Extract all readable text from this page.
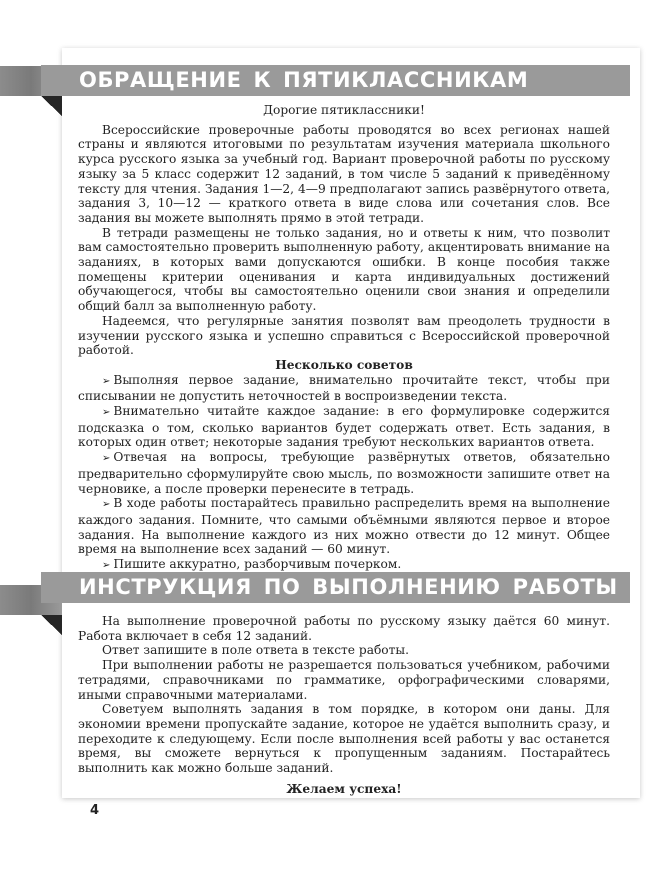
ОБРАЩЕНИЕ К ПЯТИКЛАССНИКАМ

Дорогие пятиклассники!

Всероссийские проверочные работы проводятся во всех регионах нашей страны и являются итоговыми по результатам изучения материала школьного курса русского языка за учебный год. Вариант проверочной работы по русскому языку за 5 класс содержит 12 заданий, в том числе 5 заданий к приведённому тексту для чтения. Задания 1—2, 4—9 предполагают запись развёрнутого ответа, задания 3, 10—12 — краткого ответа в виде слова или сочетания слов. Все задания вы можете выполнять прямо в этой тетради.

В тетради размещены не только задания, но и ответы к ним, что позволит вам самостоятельно проверить выполненную работу, акцентировать внимание на заданиях, в которых вами допускаются ошибки. В конце пособия также помещены критерии оценивания и карта индивидуальных достижений обучающегося, чтобы вы самостоятельно оценили свои знания и определили общий балл за выполненную работу.

Надеемся, что регулярные занятия позволят вам преодолеть трудности в изучении русского языка и успешно справиться с Всероссийской проверочной работой.

Несколько советов

➢ Выполняя первое задание, внимательно прочитайте текст, чтобы при списывании не допустить неточностей в воспроизведении текста.

➢ Внимательно читайте каждое задание: в его формулировке содержится подсказка о том, сколько вариантов будет содержать ответ. Есть задания, в которых один ответ; некоторые задания требуют нескольких вариантов ответа.

➢ Отвечая на вопросы, требующие развёрнутых ответов, обязательно предварительно сформулируйте свою мысль, по возможности запишите ответ на черновике, а после проверки перенесите в тетрадь.

➢ В ходе работы постарайтесь правильно распределить время на выполнение каждого задания. Помните, что самыми объёмными являются первое и второе задания. На выполнение каждого из них можно отвести до 12 минут. Общее время на выполнение всех заданий — 60 минут.

➢ Пишите аккуратно, разборчивым почерком.

ИНСТРУКЦИЯ ПО ВЫПОЛНЕНИЮ РАБОТЫ

На выполнение проверочной работы по русскому языку даётся 60 минут. Работа включает в себя 12 заданий.

Ответ запишите в поле ответа в тексте работы.

При выполнении работы не разрешается пользоваться учебником, рабочими тетрадями, справочниками по грамматике, орфографическими словарями, иными справочными материалами.

Советуем выполнять задания в том порядке, в котором они даны. Для экономии времени пропускайте задание, которое не удаётся выполнить сразу, и переходите к следующему. Если после выполнения всей работы у вас останется время, вы сможете вернуться к пропущенным заданиям. Постарайтесь выполнить как можно больше заданий.

Желаем успеха!

4
